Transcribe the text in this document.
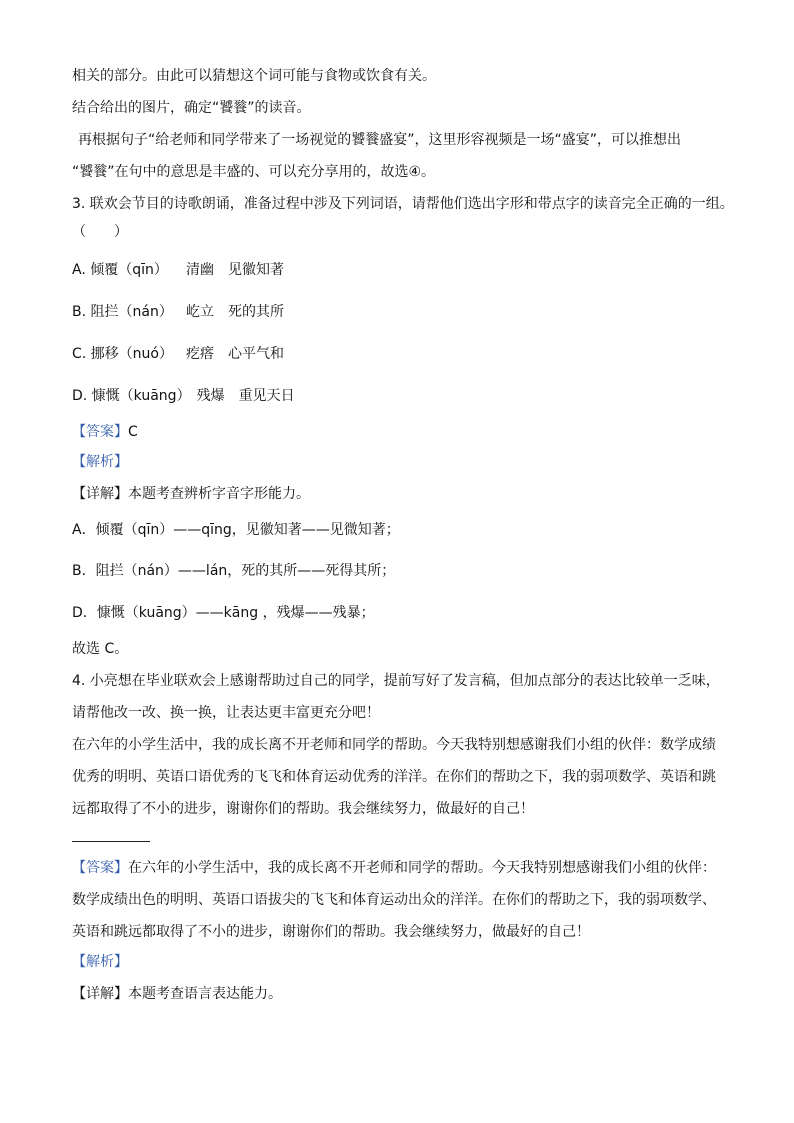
相关的部分。由此可以猜想这个词可能与食物或饮食有关。
结合给出的图片，确定“饕餮”的读音。
再根据句子“给老师和同学带来了一场视觉的饕餮盛宴”，这里形容视频是一场“盛宴”，可以推想出
“饕餮”在句中的意思是丰盛的、可以充分享用的，故选④。
3. 联欢会节目的诗歌朗诵，准备过程中涉及下列词语，请帮他们选出字形和带点字的读音完全正确的一组。
（　　）
A. 倾覆（qīn） 清幽　见徽知著
B. 阻拦（nán） 屹立　死的其所
C. 挪移（nuó） 疙瘩　心平气和
D. 慷慨（kuāng） 残爆　重见天日
【答案】C
【解析】
【详解】本题考查辨析字音字形能力。
A．倾覆（qīn）——qīng，见徽知著——见微知著；
B．阻拦（nán）——lán，死的其所——死得其所；
D．慷慨（kuāng）——kāng ，残爆——残暴；
故选 C。
4. 小亮想在毕业联欢会上感谢帮助过自己的同学，提前写好了发言稿，但加点部分的表达比较单一乏味，
请帮他改一改、换一换，让表达更丰富更充分吧！
在六年的小学生活中，我的成长离不开老师和同学的帮助。今天我特别想感谢我们小组的伙伴：数学成绩
优秀的明明、英语口语优秀的飞飞和体育运动优秀的洋洋。在你们的帮助之下，我的弱项数学、英语和跳
远都取得了不小的进步，谢谢你们的帮助。我会继续努力，做最好的自己！
【答案】在六年的小学生活中，我的成长离不开老师和同学的帮助。今天我特别想感谢我们小组的伙伴：
数学成绩出色的明明、英语口语拔尖的飞飞和体育运动出众的洋洋。在你们的帮助之下，我的弱项数学、
英语和跳远都取得了不小的进步，谢谢你们的帮助。我会继续努力，做最好的自己！
【解析】
【详解】本题考查语言表达能力。
